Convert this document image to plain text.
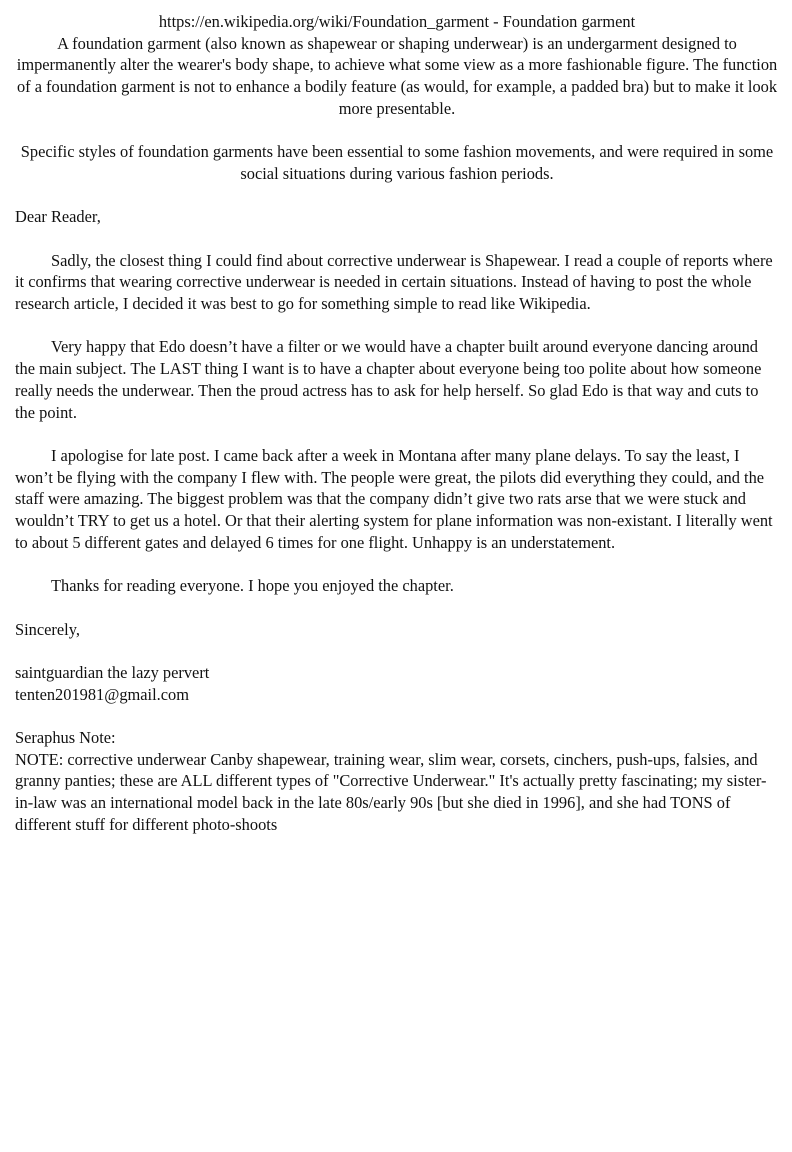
https://en.wikipedia.org/wiki/Foundation_garment - Foundation garment

A foundation garment (also known as shapewear or shaping underwear) is an undergarment designed to impermanently alter the wearer's body shape, to achieve what some view as a more fashionable figure. The function of a foundation garment is not to enhance a bodily feature (as would, for example, a padded bra) but to make it look more presentable.

Specific styles of foundation garments have been essential to some fashion movements, and were required in some social situations during various fashion periods.

Dear Reader,

Sadly, the closest thing I could find about corrective underwear is Shapewear. I read a couple of reports where it confirms that wearing corrective underwear is needed in certain situations. Instead of having to post the whole research article, I decided it was best to go for something simple to read like Wikipedia.

Very happy that Edo doesn’t have a filter or we would have a chapter built around everyone dancing around the main subject. The LAST thing I want is to have a chapter about everyone being too polite about how someone really needs the underwear. Then the proud actress has to ask for help herself. So glad Edo is that way and cuts to the point.

I apologise for late post. I came back after a week in Montana after many plane delays. To say the least, I won’t be flying with the company I flew with. The people were great, the pilots did everything they could, and the staff were amazing. The biggest problem was that the company didn’t give two rats arse that we were stuck and wouldn’t TRY to get us a hotel. Or that their alerting system for plane information was non-existant. I literally went to about 5 different gates and delayed 6 times for one flight. Unhappy is an understatement.

Thanks for reading everyone. I hope you enjoyed the chapter.

Sincerely,

saintguardian the lazy pervert

tenten201981@gmail.com

Seraphus Note:

NOTE: corrective underwear Canby shapewear, training wear, slim wear, corsets, cinchers, push-ups, falsies, and granny panties; these are ALL different types of "Corrective Underwear." It's actually pretty fascinating; my sister-in-law was an international model back in the late 80s/early 90s [but she died in 1996], and she had TONS of different stuff for different photo-shoots
